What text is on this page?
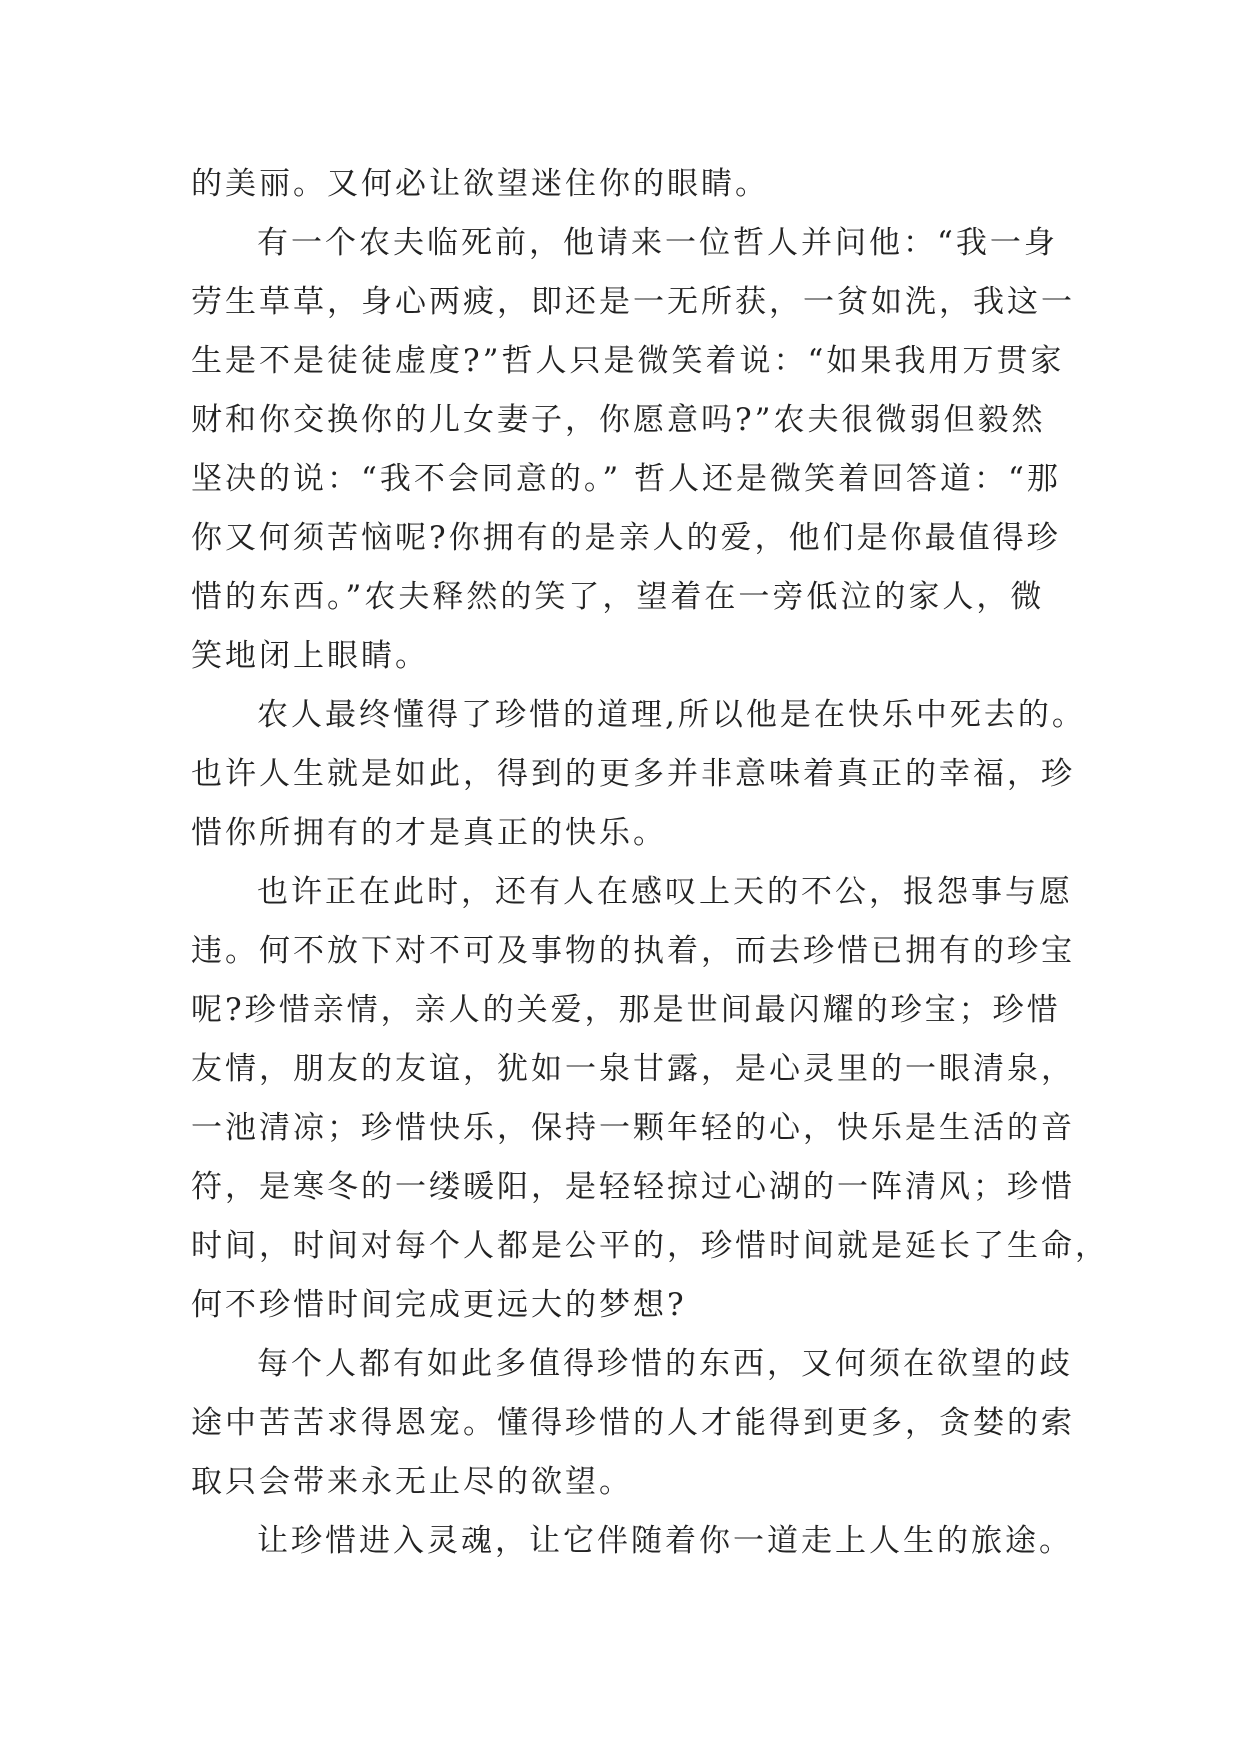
的美丽。又何必让欲望迷住你的眼睛。
有一个农夫临死前，他请来一位哲人并问他：“我一身
劳生草草，身心两疲，即还是一无所获，一贫如洗，我这一
生是不是徒徒虚度?”哲人只是微笑着说：“如果我用万贯家
财和你交换你的儿女妻子，你愿意吗?”农夫很微弱但毅然
坚决的说：“我不会同意的。” 哲人还是微笑着回答道：“那
你又何须苦恼呢?你拥有的是亲人的爱，他们是你最值得珍
惜的东西。”农夫释然的笑了，望着在一旁低泣的家人，微
笑地闭上眼睛。
农人最终懂得了珍惜的道理,所以他是在快乐中死去的。
也许人生就是如此，得到的更多并非意味着真正的幸福，珍
惜你所拥有的才是真正的快乐。
也许正在此时，还有人在感叹上天的不公，报怨事与愿
违。何不放下对不可及事物的执着，而去珍惜已拥有的珍宝
呢?珍惜亲情，亲人的关爱，那是世间最闪耀的珍宝；珍惜
友情，朋友的友谊，犹如一泉甘露，是心灵里的一眼清泉，
一池清凉；珍惜快乐，保持一颗年轻的心，快乐是生活的音
符，是寒冬的一缕暖阳，是轻轻掠过心湖的一阵清风；珍惜
时间，时间对每个人都是公平的，珍惜时间就是延长了生命，
何不珍惜时间完成更远大的梦想?
每个人都有如此多值得珍惜的东西，又何须在欲望的歧
途中苦苦求得恩宠。懂得珍惜的人才能得到更多，贪婪的索
取只会带来永无止尽的欲望。
让珍惜进入灵魂，让它伴随着你一道走上人生的旅途。
